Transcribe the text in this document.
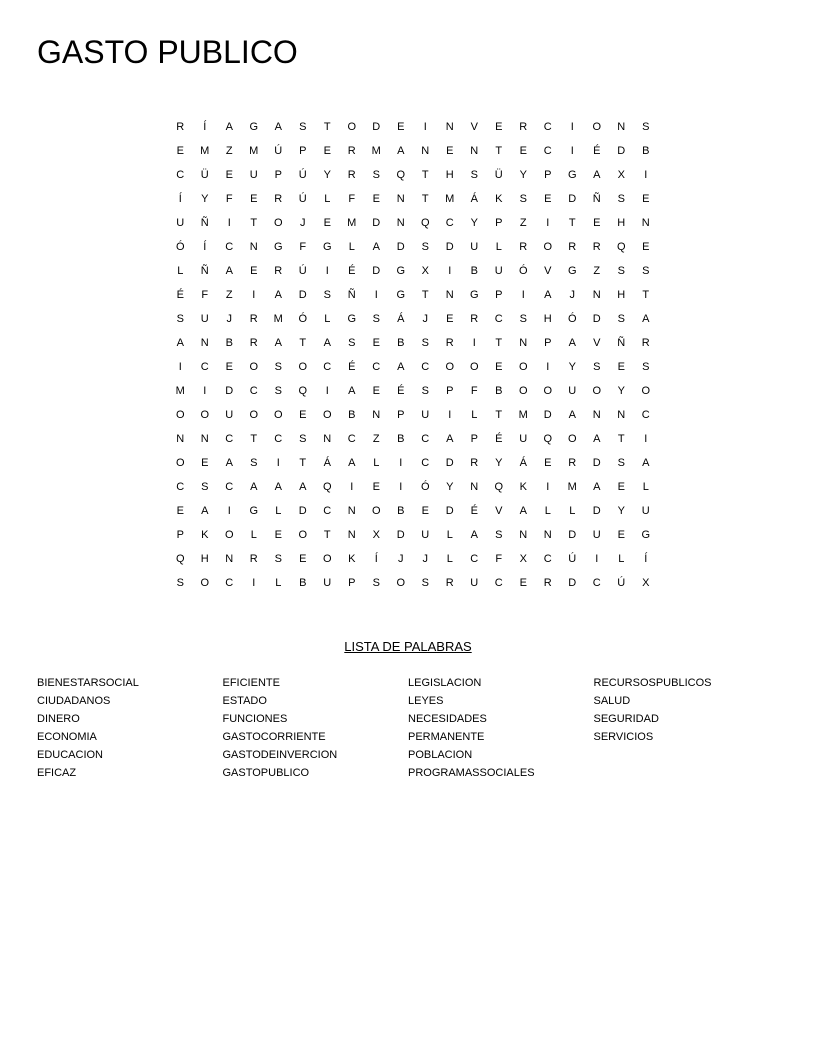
GASTO PUBLICO
R	Í	A	G	A	S	T	O	D	E	I	N	V	E	R	C	I	O	N	S
E	M	Z	M	Ú	P	E	R	M	A	N	E	N	T	E	C	I	É	D	B
C	Ü	E	U	P	Ú	Y	R	S	Q	T	H	S	Ü	Y	P	G	A	X	I
Í	Y	F	E	R	Ú	L	F	E	N	T	M	Á	K	S	E	D	Ñ	S	E
U	Ñ	I	T	O	J	E	M	D	N	Q	C	Y	P	Z	I	T	E	H	N
Ó	Í	C	N	G	F	G	L	A	D	S	D	U	L	R	O	R	R	Q	E
L	Ñ	A	E	R	Ú	I	É	D	G	X	I	B	U	Ó	V	G	Z	S	S
É	F	Z	I	A	D	S	Ñ	I	G	T	N	G	P	I	A	J	N	H	T
S	U	J	R	M	Ó	L	G	S	Á	J	E	R	C	S	H	Ó	D	S	A
A	N	B	R	A	T	A	S	E	B	S	R	I	T	N	P	A	V	Ñ	R
I	C	E	O	S	O	C	É	C	A	C	O	O	E	O	I	Y	S	E	S
M	I	D	C	S	Q	I	A	E	É	S	P	F	B	O	O	U	O	Y	O
O	O	U	O	O	E	O	B	N	P	U	I	L	T	M	D	A	N	N	C
N	N	C	T	C	S	N	C	Z	B	C	A	P	É	U	Q	O	A	T	I
O	E	A	S	I	T	Á	A	L	I	C	D	R	Y	Á	E	R	D	S	A
C	S	C	A	A	A	Q	I	E	I	Ó	Y	N	Q	K	I	M	A	E	L
E	A	I	G	L	D	C	N	O	B	E	D	É	V	A	L	L	D	Y	U
P	K	O	L	E	O	T	N	X	D	U	L	A	S	N	N	D	U	E	G
Q	H	N	R	S	E	O	K	Í	J	J	L	C	F	X	C	Ú	I	L	Í
S	O	C	I	L	B	U	P	S	O	S	R	U	C	E	R	D	C	Ú	X
LISTA DE PALABRAS
BIENESTARSOCIAL
CIUDADANOS
DINERO
ECONOMIA
EDUCACION
EFICAZ
EFICIENTE
ESTADO
FUNCIONES
GASTOCORRIENTE
GASTODEINVERCION
GASTOPUBLICO
LEGISLACION
LEYES
NECESIDADES
PERMANENTE
POBLACION
PROGRAMASSOCIALES
RECURSOSPUBLICOS
SALUD
SEGURIDAD
SERVICIOS
